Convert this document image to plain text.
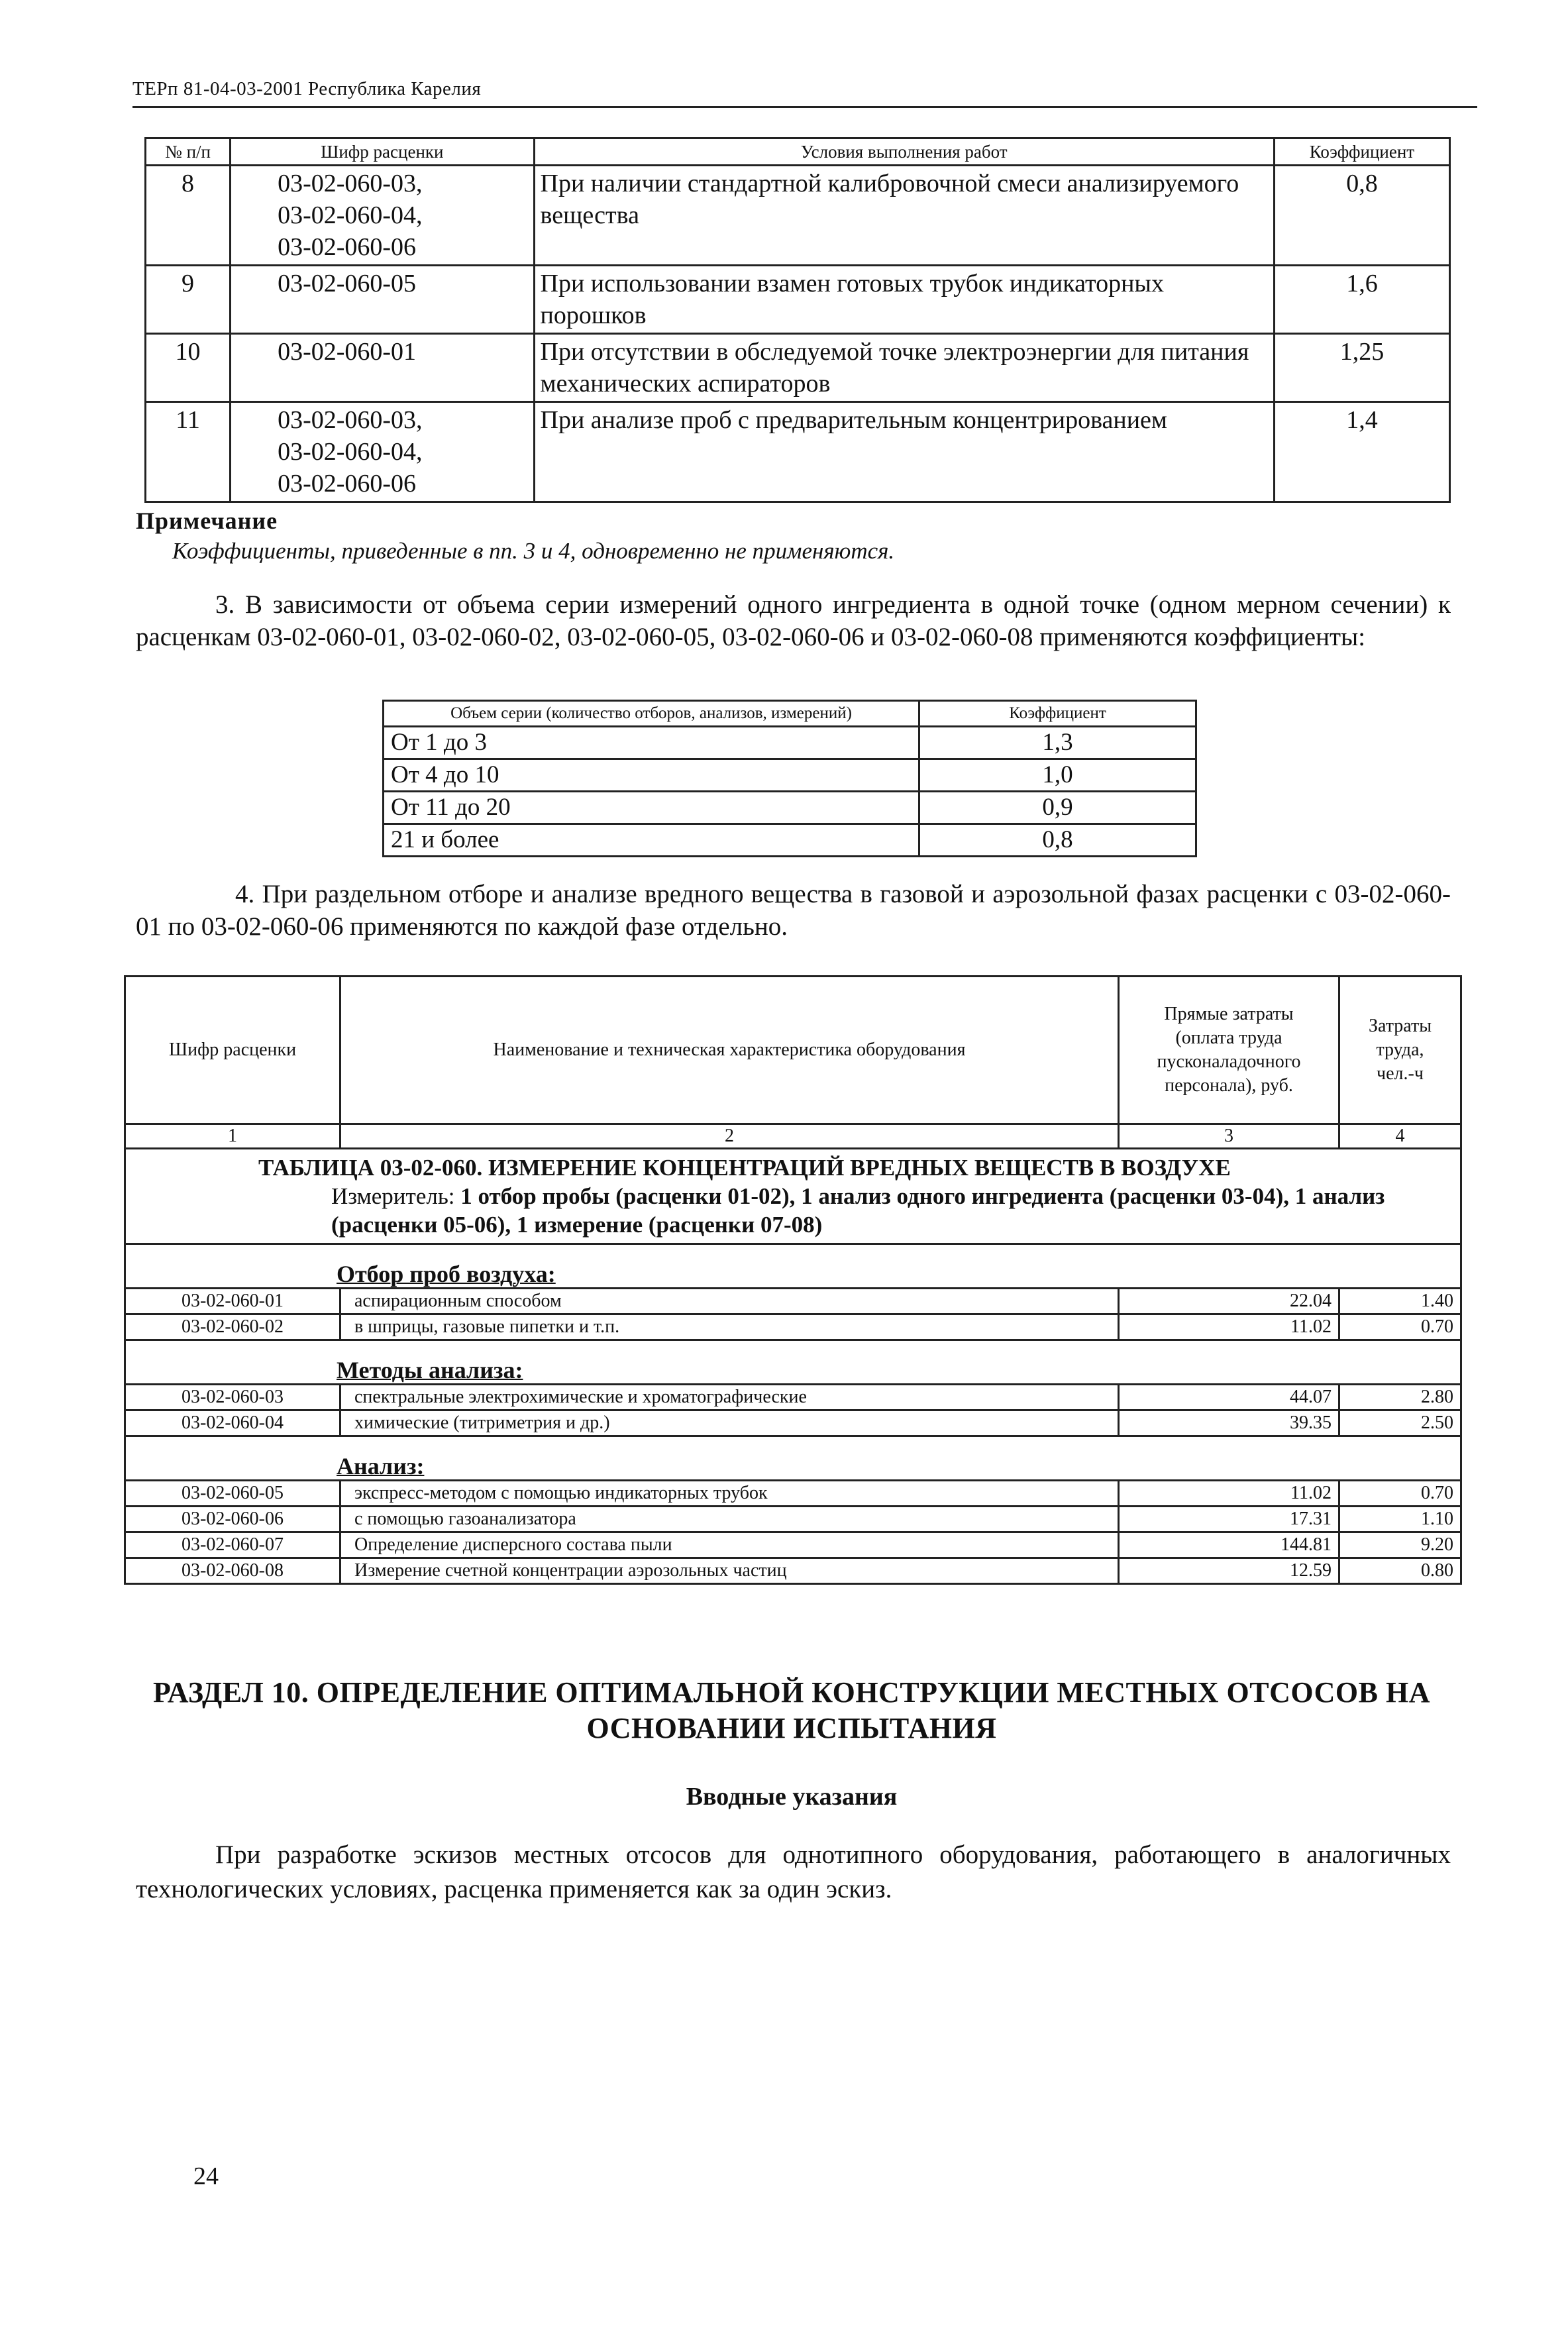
ТЕРп 81-04-03-2001 Республика Карелия
№ п/п	Шифр расценки	Условия выполнения работ	Коэффициент
8	03-02-060-03,
03-02-060-04,
03-02-060-06	При наличии стандартной калибровочной смеси анализируемого вещества	0,8
9	03-02-060-05	При использовании взамен готовых трубок индикаторных порошков	1,6
10	03-02-060-01	При отсутствии в обследуемой точке электроэнергии для питания механических аспираторов	1,25
11	03-02-060-03,
03-02-060-04,
03-02-060-06	При анализе проб с предварительным концентрированием	1,4
Примечание
Коэффициенты, приведенные в пп. 3 и 4, одновременно не применяются.
3. В зависимости от объема серии измерений одного ингредиента в одной точке (одном мерном сечении) к расценкам 03-02-060-01, 03-02-060-02, 03-02-060-05, 03-02-060-06 и 03-02-060-08 применяются коэффициенты:
Объем серии (количество отборов, анализов, измерений)	Коэффициент
От 1 до 3	1,3
От 4 до 10	1,0
От 11 до 20	0,9
21 и более	0,8
4. При раздельном отборе и анализе вредного вещества в газовой и аэрозольной фазах расценки с 03-02-060-01 по 03-02-060-06 применяются по каждой фазе отдельно.
Шифр расценки	Наименование и техническая характеристика оборудования	Прямые затраты (оплата труда пусконаладочного персонала), руб.	Затраты труда, чел.-ч
1	2	3	4

ТАБЛИЦА 03-02-060. ИЗМЕРЕНИЕ КОНЦЕНТРАЦИЙ ВРЕДНЫХ ВЕЩЕСТВ В ВОЗДУХЕ
Измеритель: 1 отбор пробы (расценки 01-02), 1 анализ одного ингредиента (расценки 03-04), 1 анализ (расценки 05-06), 1 измерение (расценки 07-08)			

Отбор проб воздуха:			
03-02-060-01	аспирационным способом	22.04	1.40
03-02-060-02	в шприцы, газовые пипетки и т.п.	11.02	0.70
Методы анализа:			
03-02-060-03	спектральные электрохимические и хроматографические	44.07	2.80
03-02-060-04	химические (титриметрия и др.)	39.35	2.50
Анализ:			
03-02-060-05	экспресс-методом с помощью индикаторных трубок	11.02	0.70
03-02-060-06	с помощью газоанализатора	17.31	1.10
03-02-060-07	Определение дисперсного состава пыли	144.81	9.20
03-02-060-08	Измерение счетной концентрации аэрозольных частиц	12.59	0.80
РАЗДЕЛ 10. ОПРЕДЕЛЕНИЕ ОПТИМАЛЬНОЙ КОНСТРУКЦИИ МЕСТНЫХ ОТСОСОВ НА
ОСНОВАНИИ ИСПЫТАНИЯ
Вводные указания
При разработке эскизов местных отсосов для однотипного оборудования, работающего в аналогичных технологических условиях, расценка применяется как за один эскиз.
24
